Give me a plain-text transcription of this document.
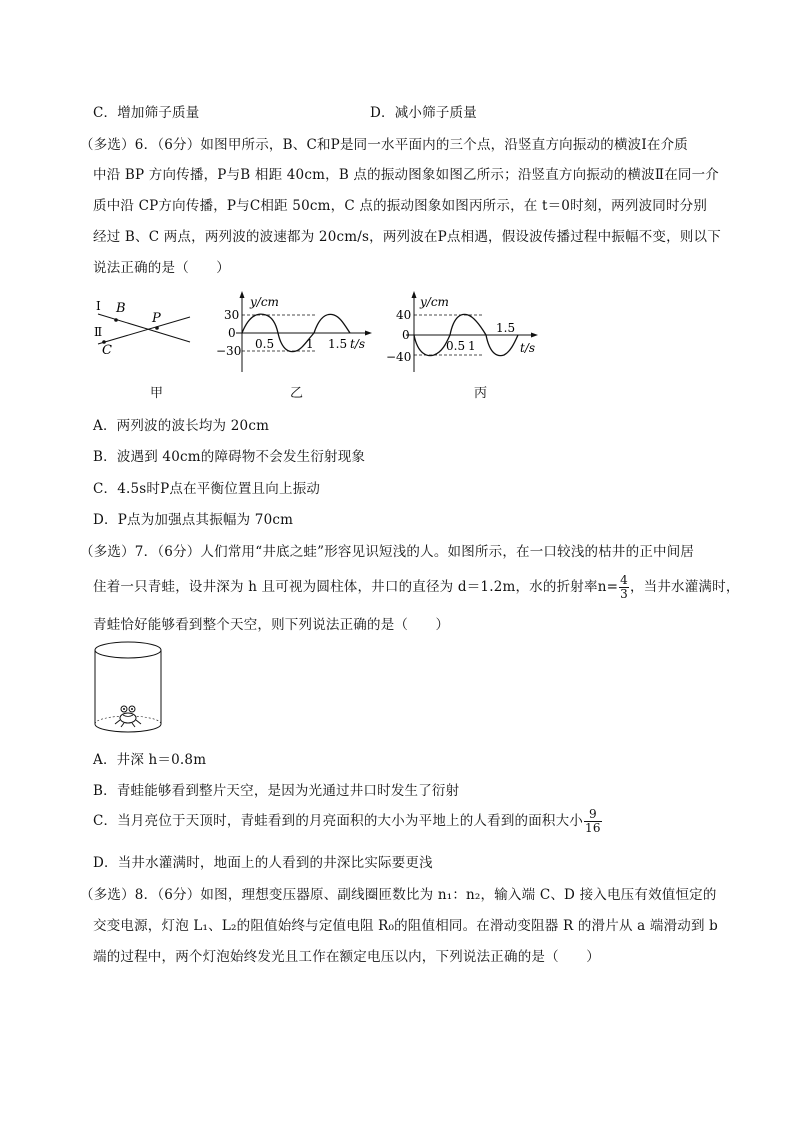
C．增加筛子质量	D．减小筛子质量
（多选）6．（6分）如图甲所示，B、C和P是同一水平面内的三个点，沿竖直方向振动的横波Ⅰ在介质
中沿 BP 方向传播，P与B 相距 40cm，B 点的振动图象如图乙所示；沿竖直方向振动的横波Ⅱ在同一介
质中沿 CP方向传播，P与C相距 50cm，C 点的振动图象如图丙所示，在 t＝0时刻，两列波同时分别
经过 B、C 两点，两列波的波速都为 20cm/s，两列波在P点相遇，假设波传播过程中振幅不变，则以下
说法正确的是（　　）
Ⅰ B
Ⅱ
C
P
甲
y/cm
30
0
−30 0.5	1 1.5 t/s
乙
y/cm
40
0
−40
0.5 1
1.5
t/s
丙
A．两列波的波长均为 20cm
B．波遇到 40cm的障碍物不会发生衍射现象
C．4.5s时P点在平衡位置且向上振动
D．P点为加强点其振幅为 70cm
（多选）7．（6分）人们常用“井底之蛙”形容见识短浅的人。如图所示，在一口较浅的枯井的正中间居
住着一只青蛙，设井深为 h 且可视为圆柱体，井口的直径为 d＝1.2m，水的折射率$n= \frac{4}{3}$ ，当井水灌满时，
青蛙恰好能够看到整个天空，则下列说法正确的是（　　）
A．井深 h＝0.8m
B．青蛙能够看到整片天空，是因为光通过井口时发生了衍射
C．当月亮位于天顶时，青蛙看到的月亮面积的大小为平地上的人看到的面积大小 $\frac{9}{16}$
D．当井水灌满时，地面上的人看到的井深比实际要更浅
（多选）8．（6分）如图，理想变压器原、副线圈匝数比为 n₁：n₂，输入端 C、D 接入电压有效值恒定的
交变电源，灯泡 L₁、L₂的阻值始终与定值电阻 R₀的阻值相同。在滑动变阻器 R 的滑片从 a 端滑动到 b
端的过程中，两个灯泡始终发光且工作在额定电压以内，下列说法正确的是（　　）
